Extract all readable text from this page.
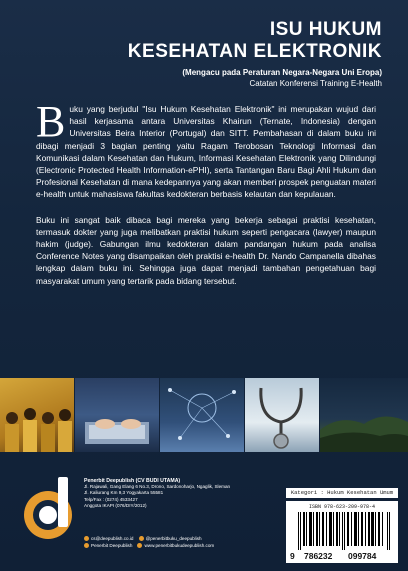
ISU HUKUM
KESEHATAN ELEKTRONIK
(Mengacu pada Peraturan Negara-Negara Uni Eropa)
Catatan Konferensi Training E-Health

Buku yang berjudul "Isu Hukum Kesehatan Elektronik" ini merupakan wujud dari hasil kerjasama antara Universitas Khairun (Ternate, Indonesia) dengan Universitas Beira Interior (Portugal) dan SITT. Pembahasan di dalam buku ini dibagi menjadi 3 bagian penting yaitu Ragam Terobosan Teknologi Informasi dan Komunikasi dalam Kesehatan dan Hukum, Informasi Kesehatan Elektronik yang Dilindungi (Electronic Protected Health Information-ePHI), serta Tantangan Baru Bagi Ahli Hukum dan Profesional Kesehatan di mana kedepannya yang akan memberi prospek penguatan materi e-health untuk mahasiswa fakultas kedokteran berbasis kelautan dan kepulauan.

Buku ini sangat baik dibaca bagi mereka yang bekerja sebagai praktisi kesehatan, termasuk dokter yang juga melibatkan praktisi hukum seperti pengacara (lawyer) maupun hakim (judge). Gabungan ilmu kedokteran dalam pandangan hukum pada analisa Conference Notes yang disampaikan oleh praktisi e-health Dr. Nando Campanella dibahas lengkap dalam buku ini. Sehingga juga dapat menjadi tambahan pengetahuan bagi masyarakat umum yang tertarik pada bidang tersebut.

Penerbit Deepublish (CV BUDI UTAMA)
Jl. Rajawali, Gang Elang 6 No.3, Drono, Sardonoharjo, Ngaglik, Sleman
Jl. Kaliurang Km 9,3 Yogyakarta 55581
Telp/Fax : (0274) 4533427
Anggota IKAPI (076/DIY/2012)
cs@deepublish.co.id	@penerbitbuku_deepublish
Penerbit Deepublish	www.penerbitbukudeepublish.com
Kategori : Hukum Kesehatan Umum
ISBN 978-623-209-978-4
9 786232 099784
